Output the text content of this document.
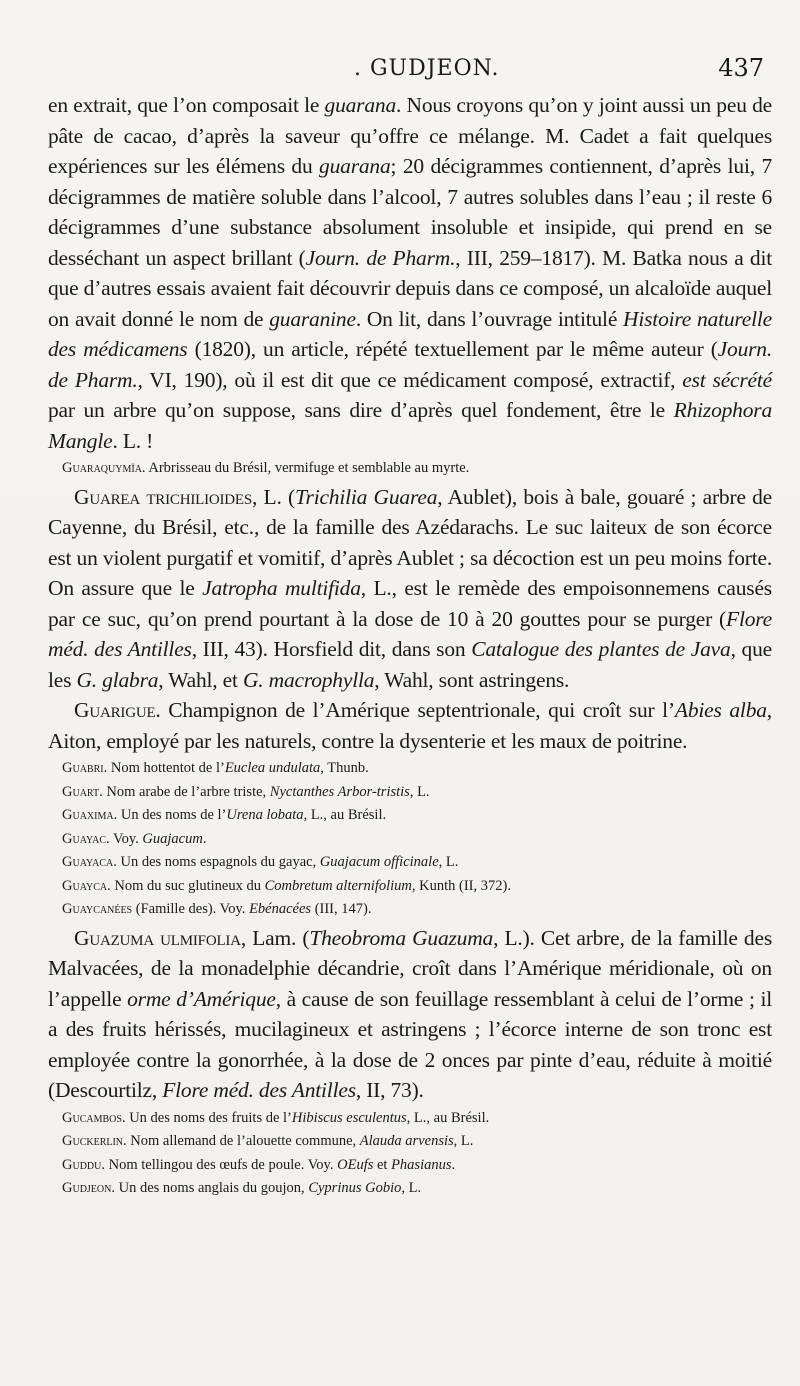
. GUDJEON.	437

en extrait, que l’on composait le guarana. Nous croyons qu’on y joint aussi un peu de pâte de cacao, d’après la saveur qu’offre ce mélange. M. Cadet a fait quelques expériences sur les élémens du guarana; 20 décigrammes contiennent, d’après lui, 7 décigrammes de matière soluble dans l’alcool, 7 autres solubles dans l’eau ; il reste 6 décigrammes d’une substance absolument insoluble et insipide, qui prend en se desséchant un aspect brillant (Journ. de Pharm., III, 259–1817). M. Batka nous a dit que d’autres essais avaient fait découvrir depuis dans ce composé, un alcaloïde auquel on avait donné le nom de guaranine. On lit, dans l’ouvrage intitulé Histoire naturelle des médicamens (1820), un article, répété textuellement par le même auteur (Journ. de Pharm., VI, 190), où il est dit que ce médicament composé, extractif, est sécrété par un arbre qu’on suppose, sans dire d’après quel fondement, être le Rhizophora Mangle. L. !

Guaraquymïa. Arbrisseau du Brésil, vermifuge et semblable au myrte.

Guarea trichilioides, L. (Trichilia Guarea, Aublet), bois à bale, gouaré ; arbre de Cayenne, du Brésil, etc., de la famille des Azédarachs. Le suc laiteux de son écorce est un violent purgatif et vomitif, d’après Aublet ; sa décoction est un peu moins forte. On assure que le Jatropha multifida, L., est le remède des empoisonnemens causés par ce suc, qu’on prend pourtant à la dose de 10 à 20 gouttes pour se purger (Flore méd. des Antilles, III, 43). Horsfield dit, dans son Catalogue des plantes de Java, que les G. glabra, Wahl, et G. macrophylla, Wahl, sont astringens.

Guarigue. Champignon de l’Amérique septentrionale, qui croît sur l’Abies alba, Aiton, employé par les naturels, contre la dysenterie et les maux de poitrine.

Guabri. Nom hottentot de l’Euclea undulata, Thunb.

Guart. Nom arabe de l’arbre triste, Nyctanthes Arbor-tristis, L.

Guaxima. Un des noms de l’Urena lobata, L., au Brésil.

Guayac. Voy. Guajacum.

Guayaca. Un des noms espagnols du gayac, Guajacum officinale, L.

Guayca. Nom du suc glutineux du Combretum alternifolium, Kunth (II, 372).

Guaycanées (Famille des). Voy. Ebénacées (III, 147).

Guazuma ulmifolia, Lam. (Theobroma Guazuma, L.). Cet arbre, de la famille des Malvacées, de la monadelphie décandrie, croît dans l’Amérique méridionale, où on l’appelle orme d’Amérique, à cause de son feuillage ressemblant à celui de l’orme ; il a des fruits hérissés, mucilagineux et astringens ; l’écorce interne de son tronc est employée contre la gonorrhée, à la dose de 2 onces par pinte d’eau, réduite à moitié (Descourtilz, Flore méd. des Antilles, II, 73).

Gucambos. Un des noms des fruits de l’Hibiscus esculentus, L., au Brésil.

Guckerlin. Nom allemand de l’alouette commune, Alauda arvensis, L.

Guddu. Nom tellingou des œufs de poule. Voy. OEufs et Phasianus.

Gudjeon. Un des noms anglais du goujon, Cyprinus Gobio, L.
